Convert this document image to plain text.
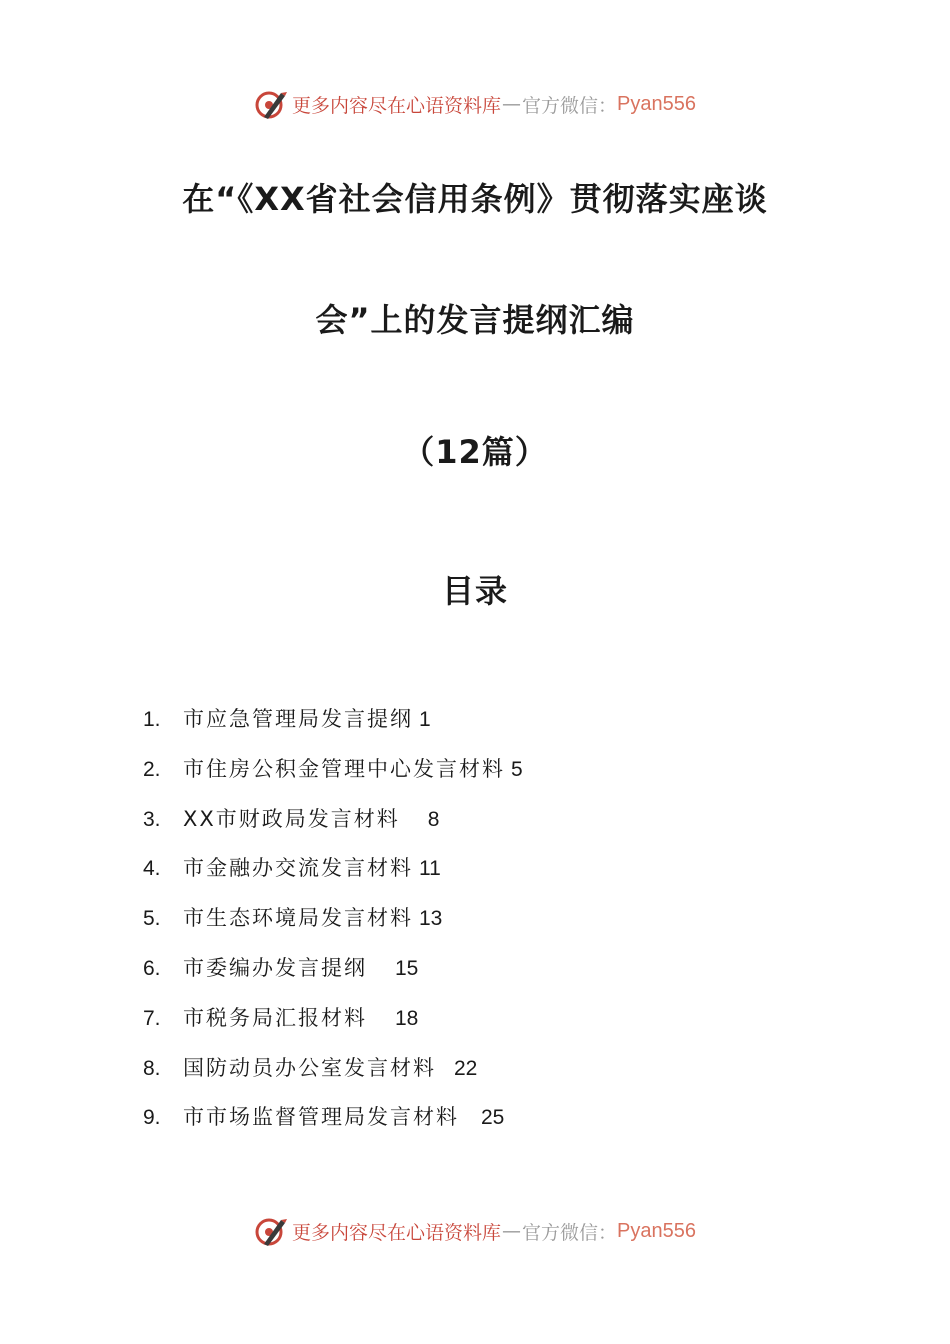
更多内容尽在心语资料库 — 官方微信： Pyan556
在“《XX省社会信用条例》贯彻落实座谈
会”上的发言提纲汇编
（12篇）
目录
1. 市应急管理局发言提纲 1
2. 市住房公积金管理中心发言材料 5
3. XX市财政局发言材料 8
4. 市金融办交流发言材料 11
5. 市生态环境局发言材料 13
6. 市委编办发言提纲 15
7. 市税务局汇报材料 18
8. 国防动员办公室发言材料 22
9. 市市场监督管理局发言材料 25
更多内容尽在心语资料库 — 官方微信： Pyan556
